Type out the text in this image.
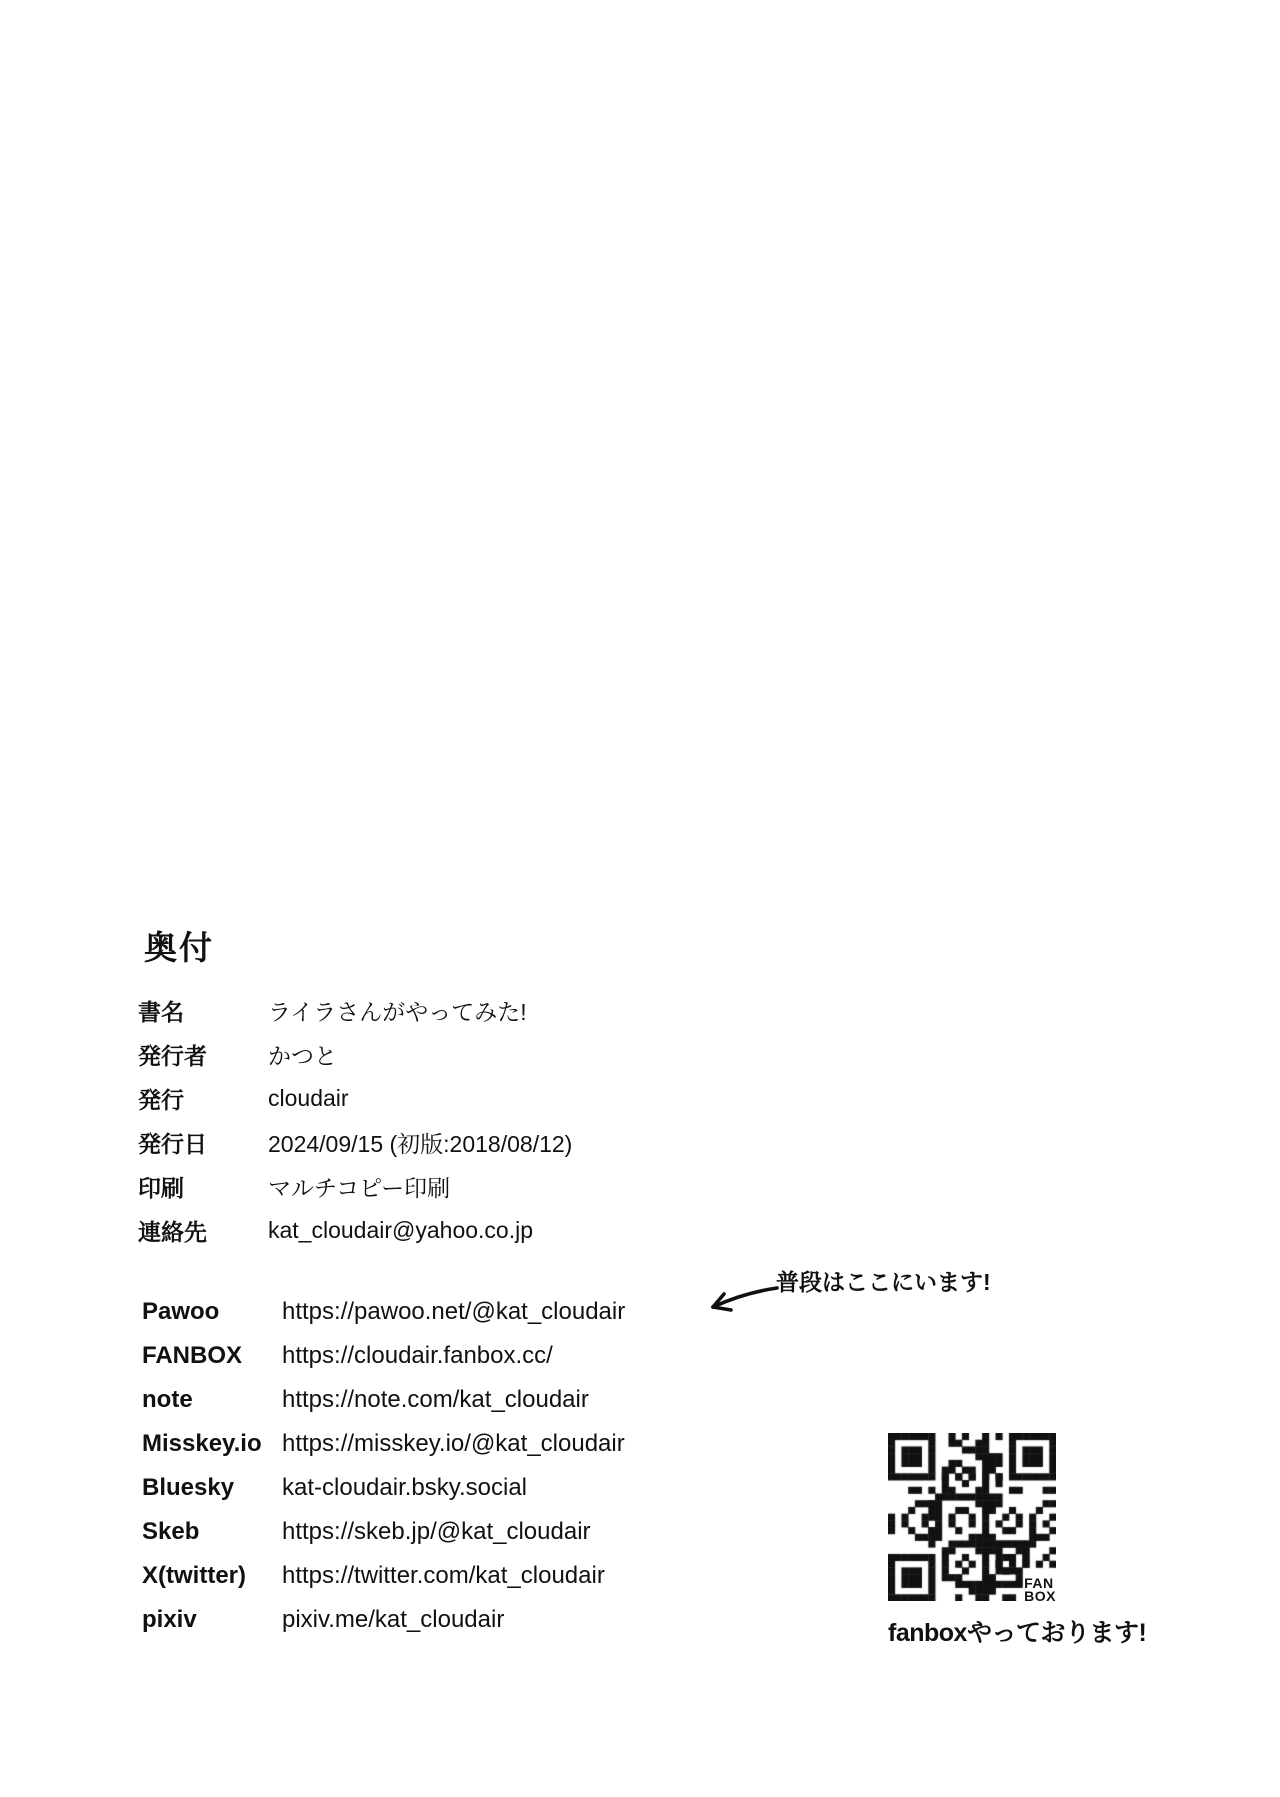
奥付
書名	ライラさんがやってみた!
発行者	かつと
発行	cloudair
発行日	2024/09/15 (初版:2018/08/12)
印刷	マルチコピー印刷
連絡先	kat_cloudair@yahoo.co.jp
Pawoo	https://pawoo.net/@kat_cloudair
FANBOX	https://cloudair.fanbox.cc/
note	https://note.com/kat_cloudair
Misskey.io https://misskey.io/@kat_cloudair
Bluesky	kat-cloudair.bsky.social
Skeb	https://skeb.jp/@kat_cloudair
X(twitter)	https://twitter.com/kat_cloudair
pixiv	pixiv.me/kat_cloudair
普段はここにいます!
FAN
BOX
fanboxやっております!
